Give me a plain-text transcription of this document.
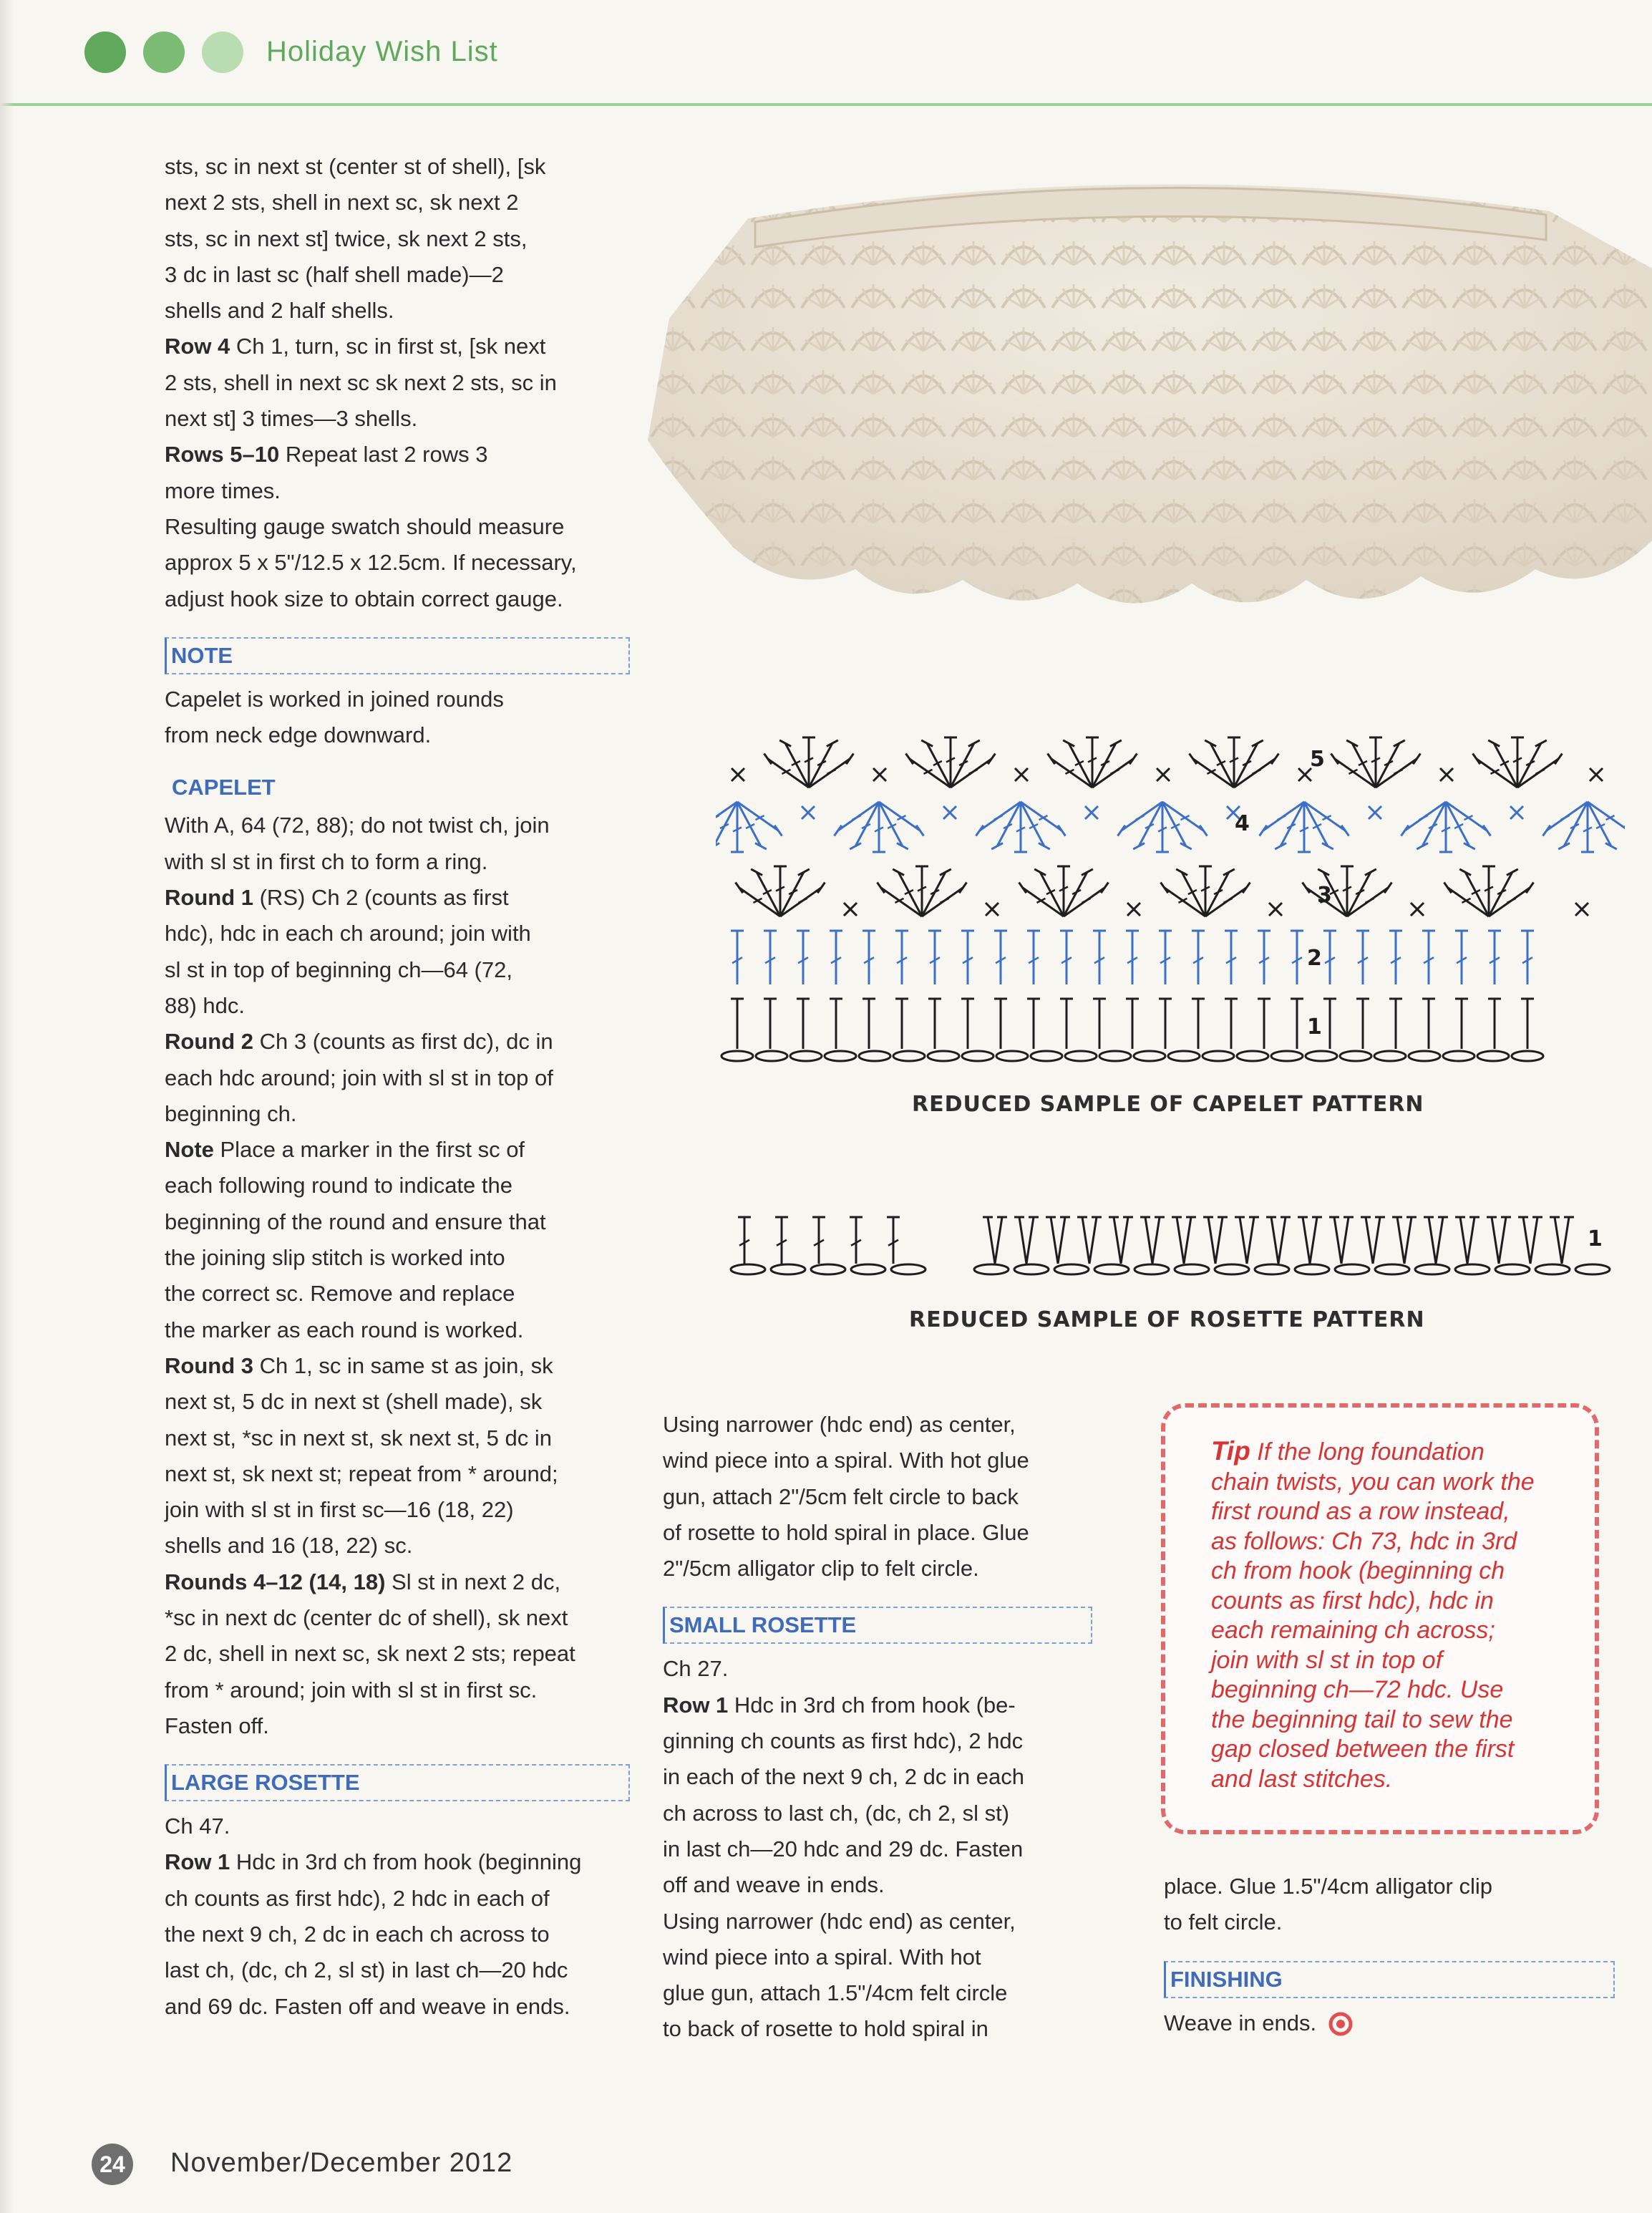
Holiday Wish List

sts, sc in next st (center st of shell), [sk
next 2 sts, shell in next sc, sk next 2
sts, sc in next st] twice, sk next 2 sts,
3 dc in last sc (half shell made)—2
shells and 2 half shells.

Row 4 Ch 1, turn, sc in first st, [sk next
2 sts, shell in next sc sk next 2 sts, sc in
next st] 3 times—3 shells.

Rows 5–10 Repeat last 2 rows 3
more times.

Resulting gauge swatch should measure
approx 5 x 5"/12.5 x 12.5cm. If necessary,
adjust hook size to obtain correct gauge.

NOTE

Capelet is worked in joined rounds
from neck edge downward.

CAPELET

With A, 64 (72, 88); do not twist ch, join
with sl st in first ch to form a ring.

Round 1 (RS) Ch 2 (counts as first
hdc), hdc in each ch around; join with
sl st in top of beginning ch—64 (72,
88) hdc.

Round 2 Ch 3 (counts as first dc), dc in
each hdc around; join with sl st in top of
beginning ch.

Note Place a marker in the first sc of
each following round to indicate the
beginning of the round and ensure that
the joining slip stitch is worked into
the correct sc. Remove and replace
the marker as each round is worked.

Round 3 Ch 1, sc in same st as join, sk
next st, 5 dc in next st (shell made), sk
next st, *sc in next st, sk next st, 5 dc in
next st, sk next st; repeat from * around;
join with sl st in first sc—16 (18, 22)
shells and 16 (18, 22) sc.

Rounds 4–12 (14, 18) Sl st in next 2 dc,
*sc in next dc (center dc of shell), sk next
2 dc, shell in next sc, sk next 2 sts; repeat
from * around; join with sl st in first sc.
Fasten off.

LARGE ROSETTE

Ch 47.

Row 1 Hdc in 3rd ch from hook (beginning
ch counts as first hdc), 2 hdc in each of
the next 9 ch, 2 dc in each ch across to
last ch, (dc, ch 2, sl st) in last ch—20 hdc
and 69 dc. Fasten off and weave in ends.

5
4
3
2
1
1
REDUCED SAMPLE OF CAPELET PATTERN
REDUCED SAMPLE OF ROSETTE PATTERN

Using narrower (hdc end) as center,
wind piece into a spiral. With hot glue
gun, attach 2"/5cm felt circle to back
of rosette to hold spiral in place. Glue
2"/5cm alligator clip to felt circle.

SMALL ROSETTE

Ch 27.

Row 1 Hdc in 3rd ch from hook (be-
ginning ch counts as first hdc), 2 hdc
in each of the next 9 ch, 2 dc in each
ch across to last ch, (dc, ch 2, sl st)
in last ch—20 hdc and 29 dc. Fasten
off and weave in ends.
Using narrower (hdc end) as center,
wind piece into a spiral. With hot
glue gun, attach 1.5"/4cm felt circle
to back of rosette to hold spiral in

Tip If the long foundation
chain twists, you can work the
first round as a row instead,
as follows: Ch 73, hdc in 3rd
ch from hook (beginning ch
counts as first hdc), hdc in
each remaining ch across;
join with sl st in top of
beginning ch—72 hdc. Use
the beginning tail to sew the
gap closed between the first
and last stitches.

place. Glue 1.5"/4cm alligator clip
to felt circle.

FINISHING

Weave in ends.

24 November/December 2012
